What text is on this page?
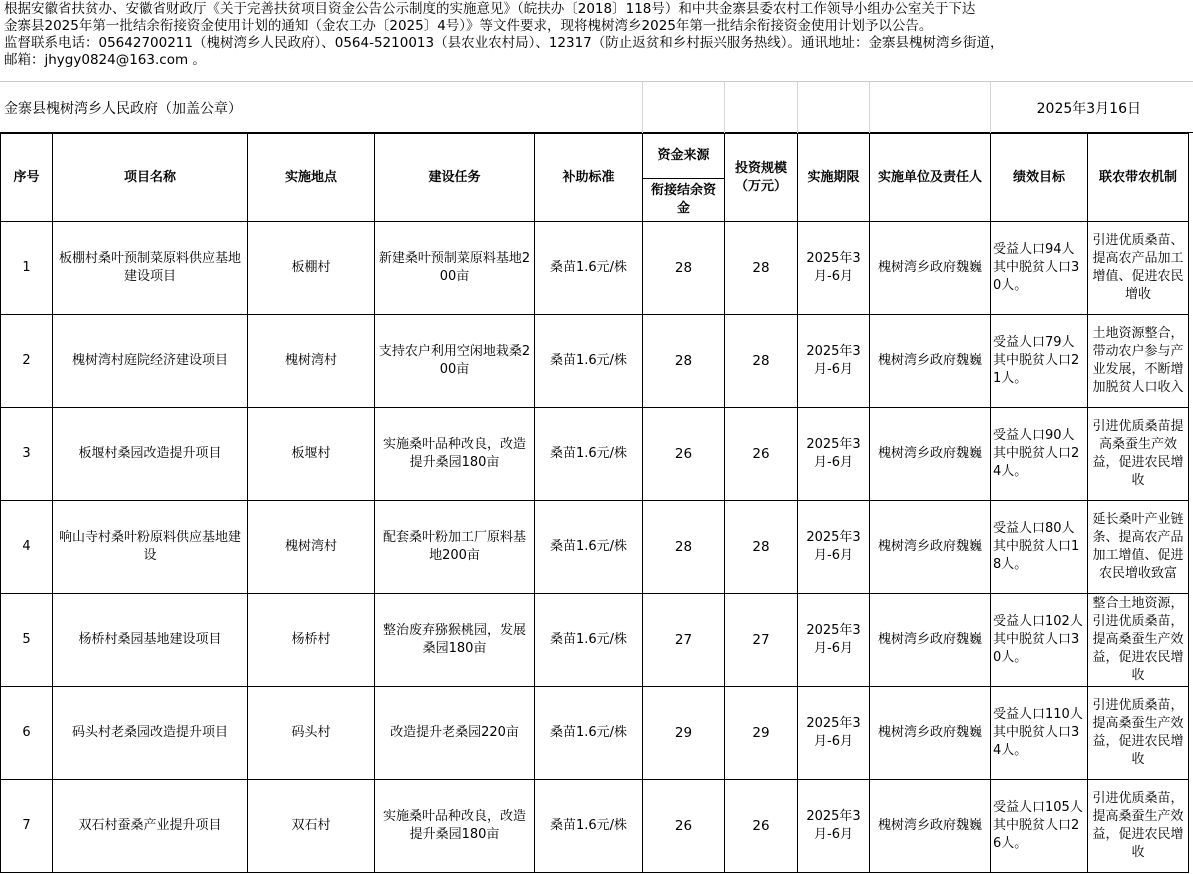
根据安徽省扶贫办、安徽省财政厅《关于完善扶贫项目资金公告公示制度的实施意见》（皖扶办〔2018〕118号）和中共金寨县委农村工作领导小组办公室关于下达
金寨县2025年第一批结余衔接资金使用计划的通知（金农工办〔2025〕4号）》等文件要求，现将槐树湾乡2025年第一批结余衔接资金使用计划予以公告。
监督联系电话：05642700211（槐树湾乡人民政府）、0564-5210013（县农业农村局）、12317（防止返贫和乡村振兴服务热线）。通讯地址：金寨县槐树湾乡街道，
邮箱：jhygy0824@163.com 。
金寨县槐树湾乡人民政府（加盖公章）	2025年3月16日
序号	项目名称	实施地点	建设任务	补助标准	资金来源	投资规模（万元）	实施期限	实施单位及责任人	绩效目标	联农带农机制
					衔接结余资金					
1	板棚村桑叶预制菜原料供应基地建设项目	板棚村	新建桑叶预制菜原料基地200亩	桑苗1.6元/株	28	28	2025年3月-6月	槐树湾乡政府魏巍	受益人口94人其中脱贫人口30人。	引进优质桑苗、提高农产品加工增值、促进农民增收
2	槐树湾村庭院经济建设项目	槐树湾村	支持农户利用空闲地栽桑200亩	桑苗1.6元/株	28	28	2025年3月-6月	槐树湾乡政府魏巍	受益人口79人其中脱贫人口21人。	土地资源整合，带动农户参与产业发展，不断增加脱贫人口收入
3	板堰村桑园改造提升项目	板堰村	实施桑叶品种改良，改造提升桑园180亩	桑苗1.6元/株	26	26	2025年3月-6月	槐树湾乡政府魏巍	受益人口90人其中脱贫人口24人。	引进优质桑苗提高桑蚕生产效益，促进农民增收
4	响山寺村桑叶粉原料供应基地建设	槐树湾村	配套桑叶粉加工厂原料基地200亩	桑苗1.6元/株	28	28	2025年3月-6月	槐树湾乡政府魏巍	受益人口80人其中脱贫人口18人。	延长桑叶产业链条、提高农产品加工增值、促进农民增收致富
5	杨桥村桑园基地建设项目	杨桥村	整治废弃猕猴桃园，发展桑园180亩	桑苗1.6元/株	27	27	2025年3月-6月	槐树湾乡政府魏巍	受益人口102人其中脱贫人口30人。	整合土地资源，引进优质桑苗，提高桑蚕生产效益，促进农民增收
6	码头村老桑园改造提升项目	码头村	改造提升老桑园220亩	桑苗1.6元/株	29	29	2025年3月-6月	槐树湾乡政府魏巍	受益人口110人其中脱贫人口34人。	引进优质桑苗，提高桑蚕生产效益，促进农民增收
7	双石村蚕桑产业提升项目	双石村	实施桑叶品种改良，改造提升桑园180亩	桑苗1.6元/株	26	26	2025年3月-6月	槐树湾乡政府魏巍	受益人口105人其中脱贫人口26人。	引进优质桑苗，提高桑蚕生产效益，促进农民增收
